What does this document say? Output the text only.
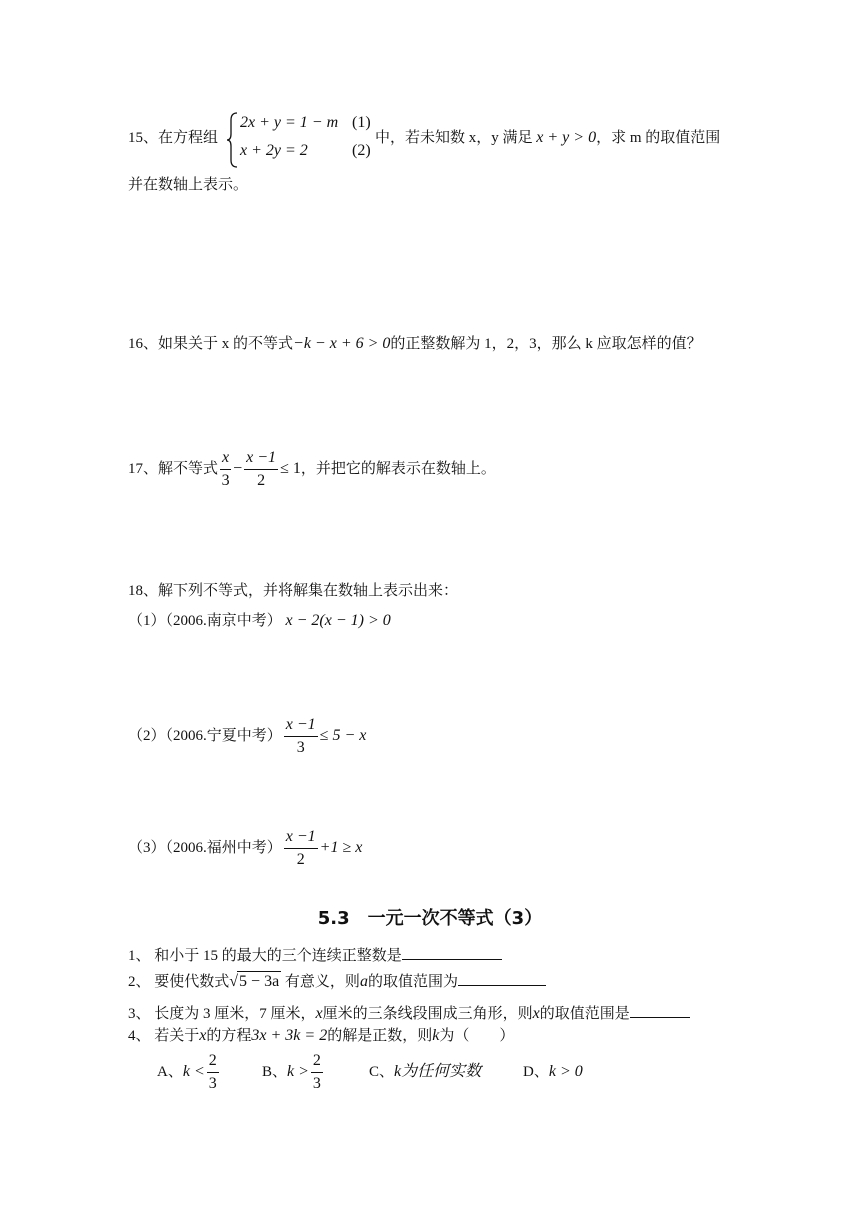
15、在方程组
2x + y = 1 − m (1)
x + 2y = 2	(2)
中，若未知数 x，y 满足 x + y > 0，求 m 的取值范围
并在数轴上表示。
16、如果关于 x 的不等式−k − x + 6 > 0的正整数解为 1，2，3，那么 k 应取怎样的值？
17、解不等式 $\frac{x}{3} - \frac{x -1}{2} \le 1$，并把它的解表示在数轴上。
18、解下列不等式，并将解集在数轴上表示出来：
（1）（2006.南京中考） x − 2(x − 1) > 0
（2）（2006.宁夏中考） $\frac{x -1}{3} \le 5 - x$
（3）（2006.福州中考） $\frac{x -1}{2} +1 \ge x$
5.3　一元一次不等式（3）
1、 和小于 15 的最大的三个连续正整数是
2、 要使代数式√5 − 3a 有意义，则a的取值范围为
3、 长度为 3 厘米，7 厘米，x厘米的三条线段围成三角形，则x的取值范围是
4、 若关于x的方程3x + 3k = 2的解是正数，则k为（　　）
A、$k < \frac{2}{3}$	B、$k > \frac{2}{3}$	C、k为任何实数	D、k > 0
